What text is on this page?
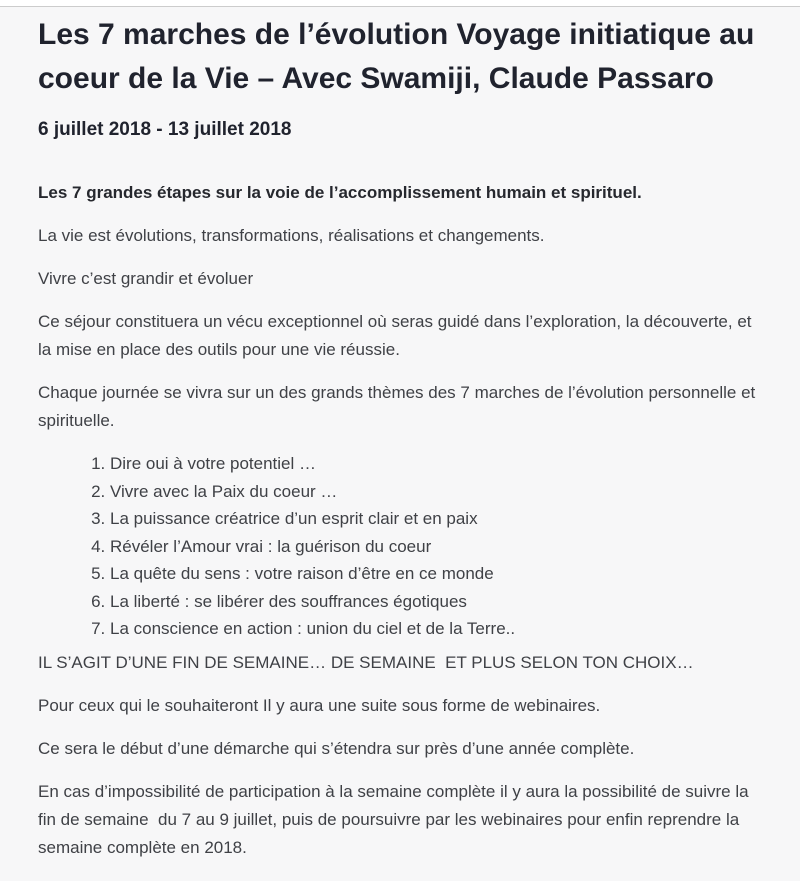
Les 7 marches de l’évolution Voyage initiatique au coeur de la Vie – Avec Swamiji, Claude Passaro

6 juillet 2018 - 13 juillet 2018

Les 7 grandes étapes sur la voie de l’accomplissement humain et spirituel.

La vie est évolutions, transformations, réalisations et changements.

Vivre c’est grandir et évoluer

Ce séjour constituera un vécu exceptionnel où seras guidé dans l’exploration, la découverte, et la mise en place des outils pour une vie réussie.

Chaque journée se vivra sur un des grands thèmes des 7 marches de l’évolution personnelle et spirituelle.

1. Dire oui à votre potentiel …
2. Vivre avec la Paix du coeur …
3. La puissance créatrice d’un esprit clair et en paix
4. Révéler l’Amour vrai : la guérison du coeur
5. La quête du sens : votre raison d’être en ce monde
6. La liberté : se libérer des souffrances égotiques
7. La conscience en action : union du ciel et de la Terre..

IL S’AGIT D’UNE FIN DE SEMAINE… DE SEMAINE  ET PLUS SELON TON CHOIX…

Pour ceux qui le souhaiteront Il y aura une suite sous forme de webinaires.

Ce sera le début d’une démarche qui s’étendra sur près d’une année complète.

En cas d’impossibilité de participation à la semaine complète il y aura la possibilité de suivre la fin de semaine  du 7 au 9 juillet, puis de poursuivre par les webinaires pour enfin reprendre la semaine complète en 2018.
